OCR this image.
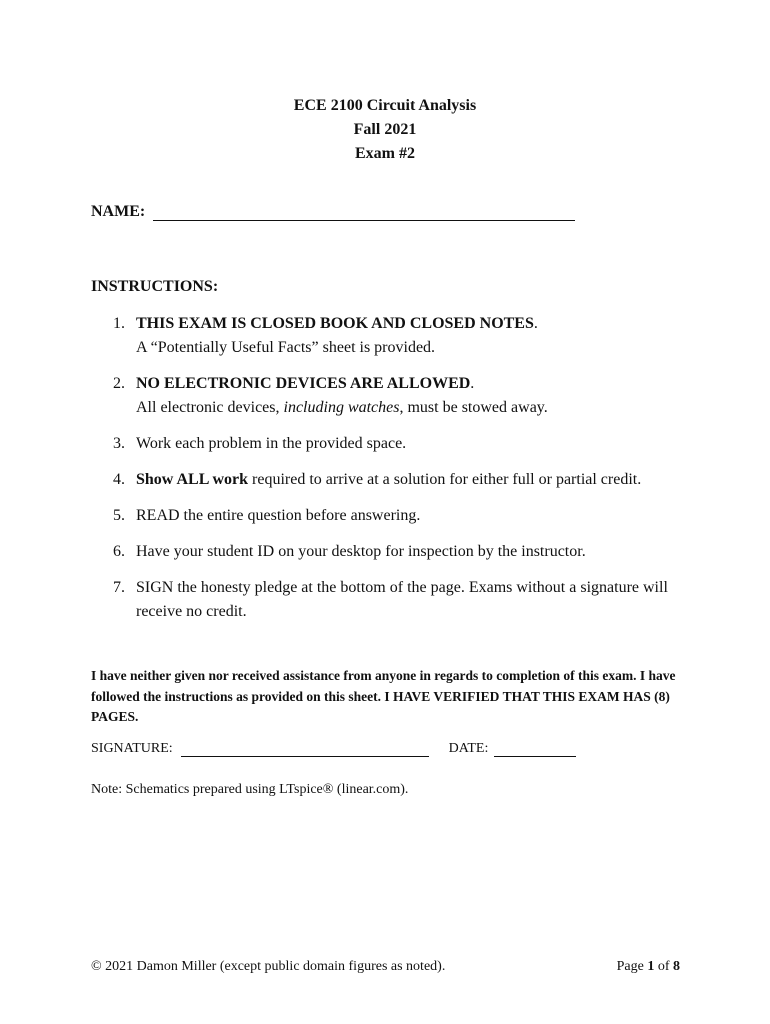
ECE 2100 Circuit Analysis
Fall 2021
Exam #2
NAME:
INSTRUCTIONS:
1. THIS EXAM IS CLOSED BOOK AND CLOSED NOTES.
A “Potentially Useful Facts” sheet is provided.
2. NO ELECTRONIC DEVICES ARE ALLOWED.
All electronic devices, including watches, must be stowed away.
3. Work each problem in the provided space.
4. Show ALL work required to arrive at a solution for either full or partial credit.
5. READ the entire question before answering.
6. Have your student ID on your desktop for inspection by the instructor.
7. SIGN the honesty pledge at the bottom of the page. Exams without a signature will receive no credit.
I have neither given nor received assistance from anyone in regards to completion of this exam. I have followed the instructions as provided on this sheet. I HAVE VERIFIED THAT THIS EXAM HAS (8) PAGES.
SIGNATURE:	DATE:
Note: Schematics prepared using LTspice® (linear.com).
© 2021 Damon Miller (except public domain figures as noted).	Page 1 of 8
